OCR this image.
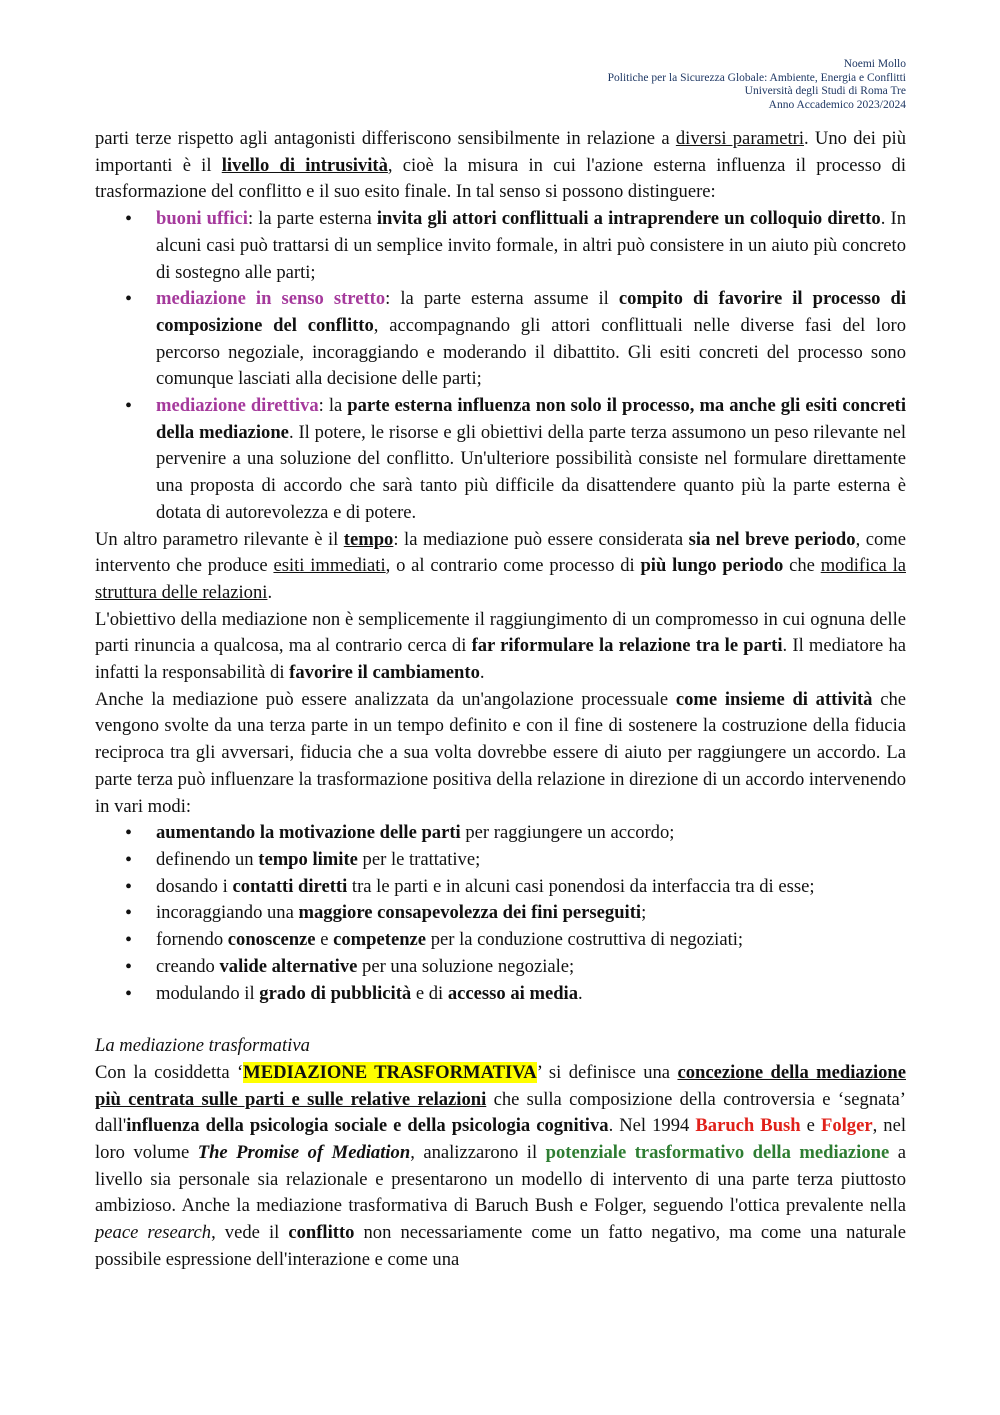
Noemi Mollo
Politiche per la Sicurezza Globale: Ambiente, Energia e Conflitti
Università degli Studi di Roma Tre
Anno Accademico 2023/2024

parti terze rispetto agli antagonisti differiscono sensibilmente in relazione a diversi parametri. Uno dei più importanti è il livello di intrusività, cioè la misura in cui l'azione esterna influenza il processo di trasformazione del conflitto e il suo esito finale. In tal senso si possono distinguere:

• buoni uffici: la parte esterna invita gli attori conflittuali a intraprendere un colloquio diretto. In alcuni casi può trattarsi di un semplice invito formale, in altri può consistere in un aiuto più concreto di sostegno alle parti;
• mediazione in senso stretto: la parte esterna assume il compito di favorire il processo di composizione del conflitto, accompagnando gli attori conflittuali nelle diverse fasi del loro percorso negoziale, incoraggiando e moderando il dibattito. Gli esiti concreti del processo sono comunque lasciati alla decisione delle parti;
• mediazione direttiva: la parte esterna influenza non solo il processo, ma anche gli esiti concreti della mediazione. Il potere, le risorse e gli obiettivi della parte terza assumono un peso rilevante nel pervenire a una soluzione del conflitto. Un'ulteriore possibilità consiste nel formulare direttamente una proposta di accordo che sarà tanto più difficile da disattendere quanto più la parte esterna è dotata di autorevolezza e di potere.

Un altro parametro rilevante è il tempo: la mediazione può essere considerata sia nel breve periodo, come intervento che produce esiti immediati, o al contrario come processo di più lungo periodo che modifica la struttura delle relazioni.

L'obiettivo della mediazione non è semplicemente il raggiungimento di un compromesso in cui ognuna delle parti rinuncia a qualcosa, ma al contrario cerca di far riformulare la relazione tra le parti. Il mediatore ha infatti la responsabilità di favorire il cambiamento.

Anche la mediazione può essere analizzata da un'angolazione processuale come insieme di attività che vengono svolte da una terza parte in un tempo definito e con il fine di sostenere la costruzione della fiducia reciproca tra gli avversari, fiducia che a sua volta dovrebbe essere di aiuto per raggiungere un accordo. La parte terza può influenzare la trasformazione positiva della relazione in direzione di un accordo intervenendo in vari modi:

• aumentando la motivazione delle parti per raggiungere un accordo;
• definendo un tempo limite per le trattative;
• dosando i contatti diretti tra le parti e in alcuni casi ponendosi da interfaccia tra di esse;
• incoraggiando una maggiore consapevolezza dei fini perseguiti;
• fornendo conoscenze e competenze per la conduzione costruttiva di negoziati;
• creando valide alternative per una soluzione negoziale;
• modulando il grado di pubblicità e di accesso ai media.

La mediazione trasformativa

Con la cosiddetta ‘MEDIAZIONE TRASFORMATIVA’ si definisce una concezione della mediazione più centrata sulle parti e sulle relative relazioni che sulla composizione della controversia e ‘segnata’ dall'influenza della psicologia sociale e della psicologia cognitiva. Nel 1994 Baruch Bush e Folger, nel loro volume The Promise of Mediation, analizzarono il potenziale trasformativo della mediazione a livello sia personale sia relazionale e presentarono un modello di intervento di una parte terza piuttosto ambizioso. Anche la mediazione trasformativa di Baruch Bush e Folger, seguendo l'ottica prevalente nella peace research, vede il conflitto non necessariamente come un fatto negativo, ma come una naturale possibile espressione dell'interazione e come una
